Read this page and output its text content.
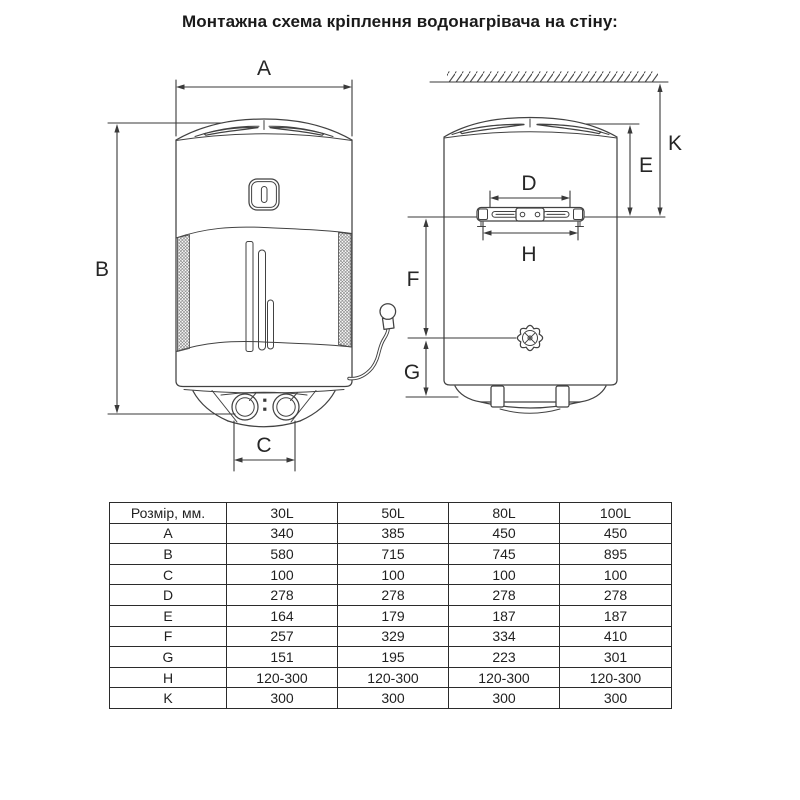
Монтажна схема кріплення водонагрівача на стіну:
A
B
C
D
H
E
K
F
G
Розмір, мм.	30L	50L	80L	100L
A	340	385	450	450
B	580	715	745	895
C	100	100	100	100
D	278	278	278	278
E	164	179	187	187
F	257	329	334	410
G	151	195	223	301
H	120-300	120-300	120-300	120-300
K	300	300	300	300
